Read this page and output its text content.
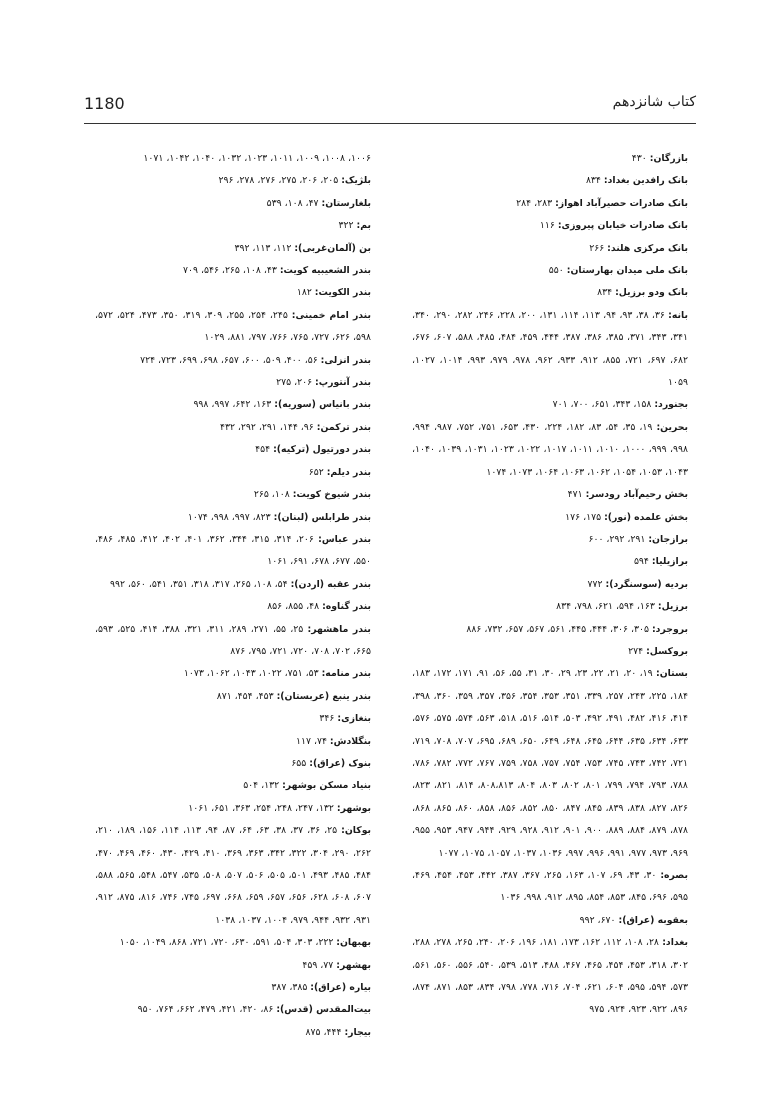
1180	کتاب شانزدهم

بازرگان: ۴۳۰

بانک رافدین بغداد: ۸۳۴

بانک صادرات حصیرآباد اهواز: ۲۸۳، ۲۸۴

بانک صادرات خیابان پیروزی: ۱۱۶

بانک مرکزی هلند: ۲۶۶

بانک ملی میدان بهارستان: ۵۵۰

بانک ودو برزیل: ۸۳۴

بانه: ۳۶، ۳۸، ۹۳، ۹۴، ۱۱۳، ۱۱۴، ۱۳۱، ۲۰۰، ۲۲۸، ۲۴۶، ۲۸۲، ۲۹۰، ۳۴۰، ۳۴۱، ۳۴۳، ۳۷۱، ۳۸۵، ۳۸۶، ۳۸۷، ۴۴۴، ۴۵۹، ۴۸۴، ۴۸۵، ۵۸۸، ۶۰۷، ۶۷۶، ۶۸۲، ۶۹۷، ۷۲۱، ۸۵۵، ۹۱۲، ۹۳۳، ۹۶۲، ۹۷۸، ۹۷۹، ۹۹۳، ۱۰۱۴، ۱۰۲۷، ۱۰۵۹

بجنورد: ۱۵۸، ۳۴۳، ۶۵۱، ۷۰۰، ۷۰۱

بحرین: ۱۹، ۳۵، ۵۴، ۸۳، ۱۸۲، ۲۲۴، ۴۳۰، ۶۵۳، ۷۵۱، ۷۵۲، ۹۸۷، ۹۹۴، ۹۹۸، ۹۹۹، ۱۰۰۰، ۱۰۱۰، ۱۰۱۱، ۱۰۱۷، ۱۰۲۲، ۱۰۲۳، ۱۰۳۱، ۱۰۳۹، ۱۰۴۰، ۱۰۴۳، ۱۰۵۳، ۱۰۵۴، ۱۰۶۲، ۱۰۶۳، ۱۰۶۴، ۱۰۷۳، ۱۰۷۴

بخش رحیم‌آباد رودسر: ۴۷۱

بخش علمده (نور): ۱۷۵، ۱۷۶

برازجان: ۲۹۱، ۲۹۲، ۶۰۰

برازیلیا: ۵۹۴

بردیه (سوسنگرد): ۷۷۲

برزیل: ۱۶۳، ۵۹۴، ۶۲۱، ۷۹۸، ۸۳۴

بروجرد: ۳۰۵، ۳۰۶، ۴۴۴، ۴۴۵، ۵۶۱، ۵۶۷، ۶۵۷، ۷۳۲، ۸۸۶

بروکسل: ۲۷۴

بستان: ۱۹، ۲۰، ۲۱، ۲۲، ۲۳، ۲۹، ۳۰، ۳۱، ۵۵، ۵۶، ۹۱، ۱۷۱، ۱۷۲، ۱۸۳، ۱۸۴، ۲۲۵، ۲۴۳، ۲۵۷، ۳۳۹، ۳۵۱، ۳۵۳، ۳۵۴، ۳۵۶، ۳۵۷، ۳۵۹، ۳۶۰، ۳۹۸، ۴۱۴، ۴۱۶، ۴۸۲، ۴۹۱، ۴۹۲، ۵۰۳، ۵۱۴، ۵۱۶، ۵۱۸، ۵۶۳، ۵۷۴، ۵۷۵، ۵۷۶، ۶۳۳، ۶۳۴، ۶۳۵، ۶۴۴، ۶۴۵، ۶۴۸، ۶۴۹، ۶۵۰، ۶۸۹، ۶۹۵، ۷۰۷، ۷۰۸، ۷۱۹، ۷۲۱، ۷۴۲، ۷۴۳، ۷۴۵، ۷۵۳، ۷۵۴، ۷۵۷، ۷۵۸، ۷۵۹، ۷۶۷، ۷۷۲، ۷۸۲، ۷۸۶، ۷۸۸، ۷۹۳، ۷۹۴، ۷۹۹، ۸۰۱، ۸۰۲، ۸۰۳، ۸۰۴، ۸۰۸،۸۱۳، ۸۱۴، ۸۲۱، ۸۲۳، ۸۲۶، ۸۲۷، ۸۳۸، ۸۳۹، ۸۴۵، ۸۴۷، ۸۵۰، ۸۵۲، ۸۵۶، ۸۵۸، ۸۶۰، ۸۶۵، ۸۶۸، ۸۷۸، ۸۷۹، ۸۸۴، ۸۸۹، ۹۰۰، ۹۰۱، ۹۱۲، ۹۲۸، ۹۲۹، ۹۴۴، ۹۴۷، ۹۵۳، ۹۵۵، ۹۶۹، ۹۷۳، ۹۷۷، ۹۹۱، ۹۹۶، ۹۹۷، ۱۰۳۶، ۱۰۳۷، ۱۰۵۷، ۱۰۷۵، ۱۰۷۷

بصره: ۳۰، ۴۳، ۶۹، ۱۰۷، ۱۶۳، ۲۶۵، ۳۶۷، ۳۸۷، ۴۴۲، ۴۵۳، ۴۵۴، ۴۶۹، ۵۹۵، ۶۹۶، ۸۴۵، ۸۵۳، ۸۵۴، ۸۹۵، ۹۱۲، ۹۹۸، ۱۰۳۶

بعقوبه (عراق): ۶۷۰، ۹۹۲

بغداد: ۲۸، ۱۰۸، ۱۱۲، ۱۶۲، ۱۷۳، ۱۸۱، ۱۹۶، ۲۰۶، ۲۴۰، ۲۶۵، ۲۷۸، ۲۸۸، ۳۰۲، ۳۱۸، ۴۵۳، ۴۵۴، ۴۶۵، ۴۶۷، ۴۸۸، ۵۱۳، ۵۳۹، ۵۴۰، ۵۵۶، ۵۶۰، ۵۶۱، ۵۷۳، ۵۹۴، ۵۹۵، ۶۰۴، ۶۲۱، ۷۰۴، ۷۱۶، ۷۷۸، ۷۹۸، ۸۳۴، ۸۵۳، ۸۷۱، ۸۷۴، ۸۹۶، ۹۲۲، ۹۲۳، ۹۲۴، ۹۷۵

۱۰۰۶، ۱۰۰۸، ۱۰۰۹، ۱۰۱۱، ۱۰۲۳، ۱۰۳۲، ۱۰۴۰، ۱۰۴۲، ۱۰۷۱

بلژیک: ۲۰۵، ۲۰۶، ۲۷۵، ۲۷۶، ۲۷۸، ۲۹۶

بلغارستان: ۴۷، ۱۰۸، ۵۳۹

بم: ۳۲۲

بن (آلمان‌غربی): ۱۱۲، ۱۱۳، ۳۹۲

بندر الشعیبیه کویت: ۴۳، ۱۰۸، ۲۶۵، ۵۴۶، ۷۰۹

بندر الکویت: ۱۸۲

بندر امام خمینی: ۲۴۵، ۲۵۴، ۲۵۵، ۳۰۹، ۳۱۹، ۳۵۰، ۴۷۳، ۵۲۴، ۵۷۲، ۵۹۸، ۶۲۶، ۷۲۷، ۷۶۵، ۷۶۶، ۷۹۷، ۸۸۱، ۱۰۲۹

بندر انزلی: ۵۶، ۴۰۰، ۵۰۹، ۶۰۰، ۶۵۷، ۶۹۸، ۶۹۹، ۷۲۳، ۷۲۴

بندر آنتورپ: ۲۰۶، ۲۷۵

بندر بانیاس (سوریه): ۱۶۳، ۶۴۲، ۹۹۷، ۹۹۸

بندر ترکمن: ۹۶، ۱۴۴، ۲۹۱، ۲۹۲، ۴۳۲

بندر دورتیول (ترکیه): ۴۵۴

بندر دیلم: ۶۵۲

بندر شیوخ کویت: ۱۰۸، ۲۶۵

بندر طرابلس (لبنان): ۸۲۳، ۹۹۷، ۹۹۸، ۱۰۷۴

بندر عباس: ۲۰۶، ۳۱۴، ۳۱۵، ۳۴۴، ۳۶۲، ۴۰۱، ۴۰۲، ۴۱۲، ۴۸۵، ۴۸۶، ۵۵۰، ۶۷۷، ۶۷۸، ۶۹۱، ۱۰۶۱

بندر عقبه (اردن): ۵۴، ۱۰۸، ۲۶۵، ۳۱۷، ۳۱۸، ۳۵۱، ۵۴۱، ۵۶۰، ۹۹۲

بندر گناوه: ۴۸، ۸۵۵، ۸۵۶

بندر ماهشهر: ۲۵، ۵۵، ۲۷۱، ۲۸۹، ۳۱۱، ۳۲۱، ۳۸۸، ۴۱۴، ۵۲۵، ۵۹۳، ۶۶۵، ۷۰۲، ۷۰۸، ۷۲۰، ۷۲۱، ۷۹۵، ۸۷۶

بندر منامه: ۵۳، ۷۵۱، ۱۰۲۲، ۱۰۴۳، ۱۰۶۲، ۱۰۷۳

بندر ینبع (عربستان): ۴۵۳، ۴۵۴، ۸۷۱

بنغازی: ۳۴۶

بنگلادش: ۷۴، ۱۱۷

بنوک (عراق): ۶۵۵

بنیاد مسکن بوشهر: ۱۳۲، ۵۰۴

بوشهر: ۱۳۲، ۲۴۷، ۲۴۸، ۲۵۴، ۳۶۳، ۶۵۱، ۱۰۶۱

بوکان: ۲۵، ۳۶، ۳۷، ۳۸، ۶۳، ۶۴، ۸۷، ۹۴، ۱۱۳، ۱۱۴، ۱۵۶، ۱۸۹، ۲۱۰، ۲۶۲، ۲۹۰، ۳۰۴، ۳۲۲، ۳۴۲، ۳۶۳، ۳۶۹، ۴۱۰، ۴۲۹، ۴۳۰، ۴۶۰، ۴۶۹، ۴۷۰، ۴۸۴، ۴۸۵، ۴۹۳، ۵۰۱، ۵۰۵، ۵۰۶، ۵۰۷، ۵۰۸، ۵۳۵، ۵۴۷، ۵۴۸، ۵۶۵، ۵۸۸، ۶۰۷، ۶۰۸، ۶۲۸، ۶۵۶، ۶۵۷، ۶۵۹، ۶۶۸، ۶۹۷، ۷۴۵، ۷۴۶، ۸۱۶، ۸۷۵، ۹۱۲، ۹۳۱، ۹۳۲، ۹۴۴، ۹۷۹، ۱۰۰۴، ۱۰۳۷، ۱۰۳۸

بهبهان: ۲۲۲، ۳۰۳، ۵۰۴، ۵۹۱، ۶۳۰، ۷۲۰، ۷۲۱، ۸۶۸، ۱۰۴۹، ۱۰۵۰

بهشهر: ۷۷، ۴۵۹

بیاره (عراق): ۳۸۵، ۳۸۷

بیت‌المقدس (قدس): ۸۶، ۴۲۰، ۴۲۱، ۴۷۹، ۶۶۲، ۷۶۴، ۹۵۰

بیجار: ۴۴۴، ۸۷۵
